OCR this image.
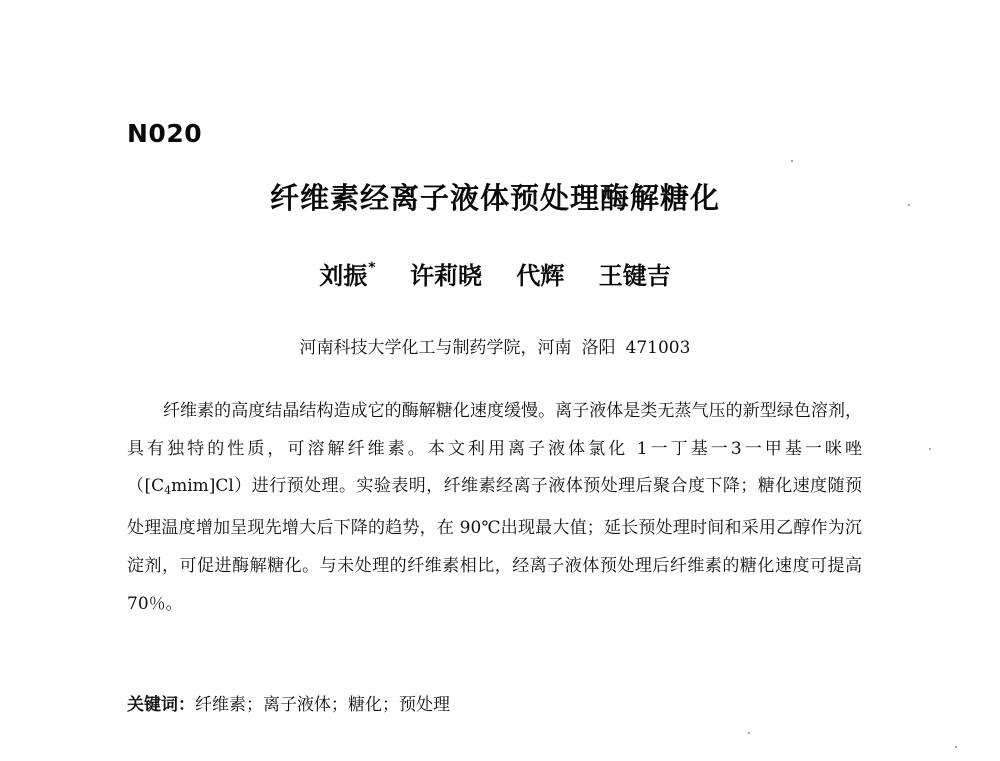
N020
纤维素经离子液体预处理酶解糖化
刘振* 许莉晓 代辉 王键吉
河南科技大学化工与制药学院，河南 洛阳 471003

纤维素的高度结晶结构造成它的酶解糖化速度缓慢。离子液体是类无蒸气压的新型绿色溶剂，具有独特的性质，可溶解纤维素。本文利用离子液体氯化 1一丁基一3一甲基一咪唑$([C_4mim]Cl)$进行预处理。实验表明，纤维素经离子液体预处理后聚合度下降；糖化速度随预处理温度增加呈现先增大后下降的趋势，在 90℃出现最大值；延长预处理时间和采用乙醇作为沉淀剂，可促进酶解糖化。与未处理的纤维素相比，经离子液体预处理后纤维素的糖化速度可提高 70％。

关键词：纤维素；离子液体；糖化；预处理
